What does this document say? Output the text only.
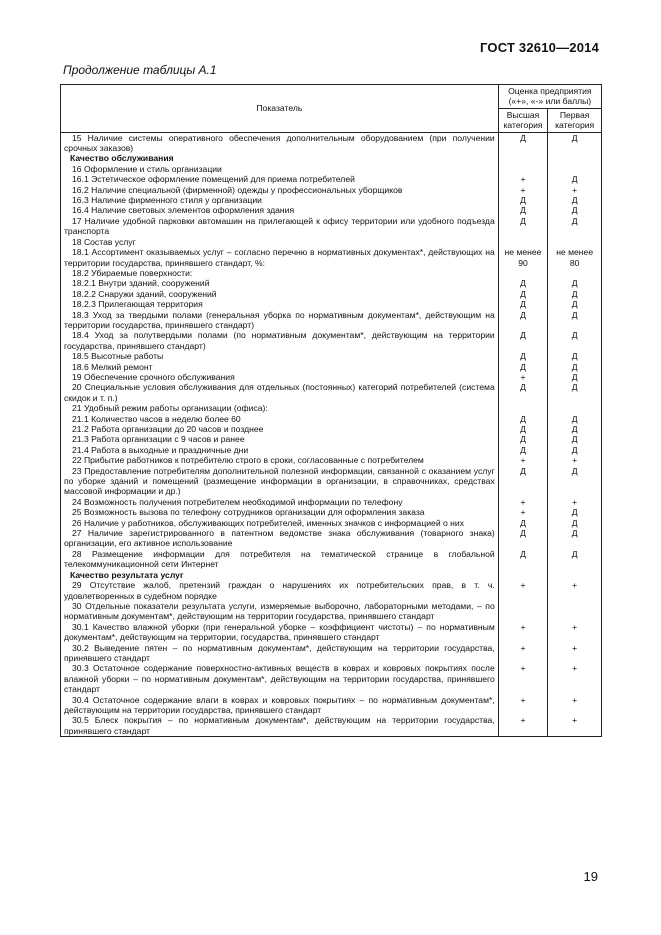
ГОСТ 32610—2014
Продолжение таблицы А.1
Показатель	Оценка предприятия («+», «-» или баллы)	
	Высшая категория	Первая категория
15 Наличие системы оперативного обеспечения дополнительным оборудованием (при получении срочных заказов)	Д	Д
Качество обслуживания		
16 Оформление и стиль организации		
16.1 Эстетическое оформление помещений для приема потребителей	+	Д
16.2 Наличие специальной (фирменной) одежды у профессиональных уборщиков	+	+
16.3 Наличие фирменного стиля у организации	Д	Д
16.4 Наличие световых элементов оформления здания	Д	Д
17 Наличие удобной парковки автомашин на прилегающей к офису территории или удобного подъезда транспорта	Д	Д
18 Состав услуг		
18.1 Ассортимент оказываемых услуг – согласно перечню в нормативных документах*, действующих на территории государства, принявшего стандарт, %:	не менее 90	не менее 80
18.2 Убираемые поверхности:		
18.2.1 Внутри зданий, сооружений	Д	Д
18.2.2 Снаружи зданий, сооружений	Д	Д
18.2.3 Прилегающая территория	Д	Д
18.3 Уход за твердыми полами (генеральная уборка по нормативным документам*, действующим на территории государства, принявшего стандарт)	Д	Д
18.4 Уход за полутвердыми полами (по нормативным документам*, действующим на территории государства, принявшего стандарт)	Д	Д
18.5 Высотные работы	Д	Д
18.6 Мелкий ремонт	Д	Д
19 Обеспечение срочного обслуживания	+	Д
20 Специальные условия обслуживания для отдельных (постоянных) категорий потребителей (система скидок и т. п.)	Д	Д
21 Удобный режим работы организации (офиса):		
21.1 Количество часов в неделю более 60	Д	Д
21.2 Работа организации до 20 часов и позднее	Д	Д
21.3 Работа организации с 9 часов и ранее	Д	Д
21.4 Работа в выходные и праздничные дни	Д	Д
22 Прибытие работников к потребителю строго в сроки, согласованные с потребителем	+	+
23 Предоставление потребителям дополнительной полезной информации, связанной с оказанием услуг по уборке зданий и помещений (размещение информации в организации, в справочниках, средствах массовой информации и др.)	Д	Д
24 Возможность получения потребителем необходимой информации по телефону	+	+
25 Возможность вызова по телефону сотрудников организации для оформления заказа	+	Д
26 Наличие у работников, обслуживающих потребителей, именных значков с информацией о них	Д	Д
27 Наличие зарегистрированного в патентном ведомстве знака обслуживания (товарного знака) организации, его активное использование	Д	Д
28 Размещение информации для потребителя на тематической странице в глобальной телекоммуникационной сети Интернет	Д	Д
Качество результата услуг		
29 Отсутствие жалоб, претензий граждан о нарушениях их потребительских прав, в т. ч. удовлетворенных в судебном порядке	+	+
30 Отдельные показатели результата услуги, измеряемые выборочно, лабораторными методами, – по нормативным документам*, действующим на территории государства, принявшего стандарт		
30.1 Качество влажной уборки (при генеральной уборке – коэффициент чистоты) – по нормативным документам*, действующим на территории, государства, принявшего стандарт	+	+
30.2 Выведение пятен – по нормативным документам*, действующим на территории государства, принявшего стандарт	+	+
30.3 Остаточное содержание поверхностно-активных веществ в коврах и ковровых покрытиях после влажной уборки – по нормативным документам*, действующим на территории государства, принявшего стандарт	+	+
30.4 Остаточное содержание влаги в коврах и ковровых покрытиях – по нормативным документам*, действующим на территории государства, принявшего стандарт	+	+
30.5 Блеск покрытия – по нормативным документам*, действующим на территории государства, принявшего стандарт	+	+
19
